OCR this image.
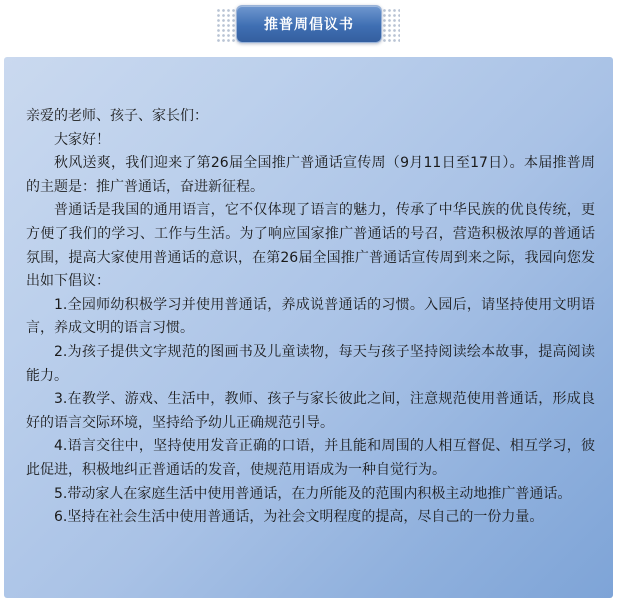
推普周倡议书

亲爱的老师、孩子、家长们：

大家好！

秋风送爽，我们迎来了第26届全国推广普通话宣传周（9月11日至17日）。本届推普周的主题是：推广普通话，奋进新征程。

普通话是我国的通用语言，它不仅体现了语言的魅力，传承了中华民族的优良传统，更方便了我们的学习、工作与生活。为了响应国家推广普通话的号召，营造积极浓厚的普通话氛围，提高大家使用普通话的意识，在第26届全国推广普通话宣传周到来之际，我园向您发出如下倡议：

1.全园师幼积极学习并使用普通话，养成说普通话的习惯。入园后，请坚持使用文明语言，养成文明的语言习惯。

2.为孩子提供文字规范的图画书及儿童读物，每天与孩子坚持阅读绘本故事，提高阅读能力。

3.在教学、游戏、生活中，教师、孩子与家长彼此之间，注意规范使用普通话，形成良好的语言交际环境，坚持给予幼儿正确规范引导。

4.语言交往中，坚持使用发音正确的口语，并且能和周围的人相互督促、相互学习，彼此促进，积极地纠正普通话的发音，使规范用语成为一种自觉行为。

5.带动家人在家庭生活中使用普通话，在力所能及的范围内积极主动地推广普通话。

6.坚持在社会生活中使用普通话，为社会文明程度的提高，尽自己的一份力量。
